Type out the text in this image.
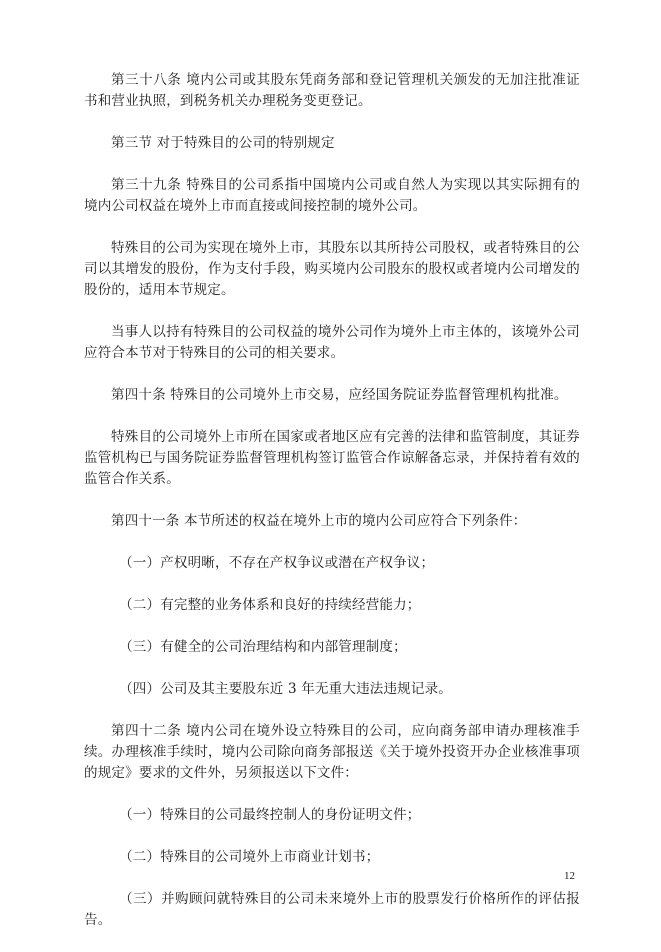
第三十八条 境内公司或其股东凭商务部和登记管理机关颁发的无加注批准证书和营业执照，到税务机关办理税务变更登记。

第三节 对于特殊目的公司的特别规定

第三十九条 特殊目的公司系指中国境内公司或自然人为实现以其实际拥有的境内公司权益在境外上市而直接或间接控制的境外公司。

特殊目的公司为实现在境外上市，其股东以其所持公司股权，或者特殊目的公司以其增发的股份，作为支付手段，购买境内公司股东的股权或者境内公司增发的股份的，适用本节规定。

当事人以持有特殊目的公司权益的境外公司作为境外上市主体的，该境外公司应符合本节对于特殊目的公司的相关要求。

第四十条 特殊目的公司境外上市交易，应经国务院证券监督管理机构批准。

特殊目的公司境外上市所在国家或者地区应有完善的法律和监管制度，其证券监管机构已与国务院证券监督管理机构签订监管合作谅解备忘录，并保持着有效的监管合作关系。

第四十一条 本节所述的权益在境外上市的境内公司应符合下列条件：

（一）产权明晰，不存在产权争议或潜在产权争议；

（二）有完整的业务体系和良好的持续经营能力；

（三）有健全的公司治理结构和内部管理制度；

（四）公司及其主要股东近 3 年无重大违法违规记录。

第四十二条 境内公司在境外设立特殊目的公司，应向商务部申请办理核准手续。办理核准手续时，境内公司除向商务部报送《关于境外投资开办企业核准事项的规定》要求的文件外，另须报送以下文件：

（一）特殊目的公司最终控制人的身份证明文件；

（二）特殊目的公司境外上市商业计划书；

（三）并购顾问就特殊目的公司未来境外上市的股票发行价格所作的评估报告。

12
